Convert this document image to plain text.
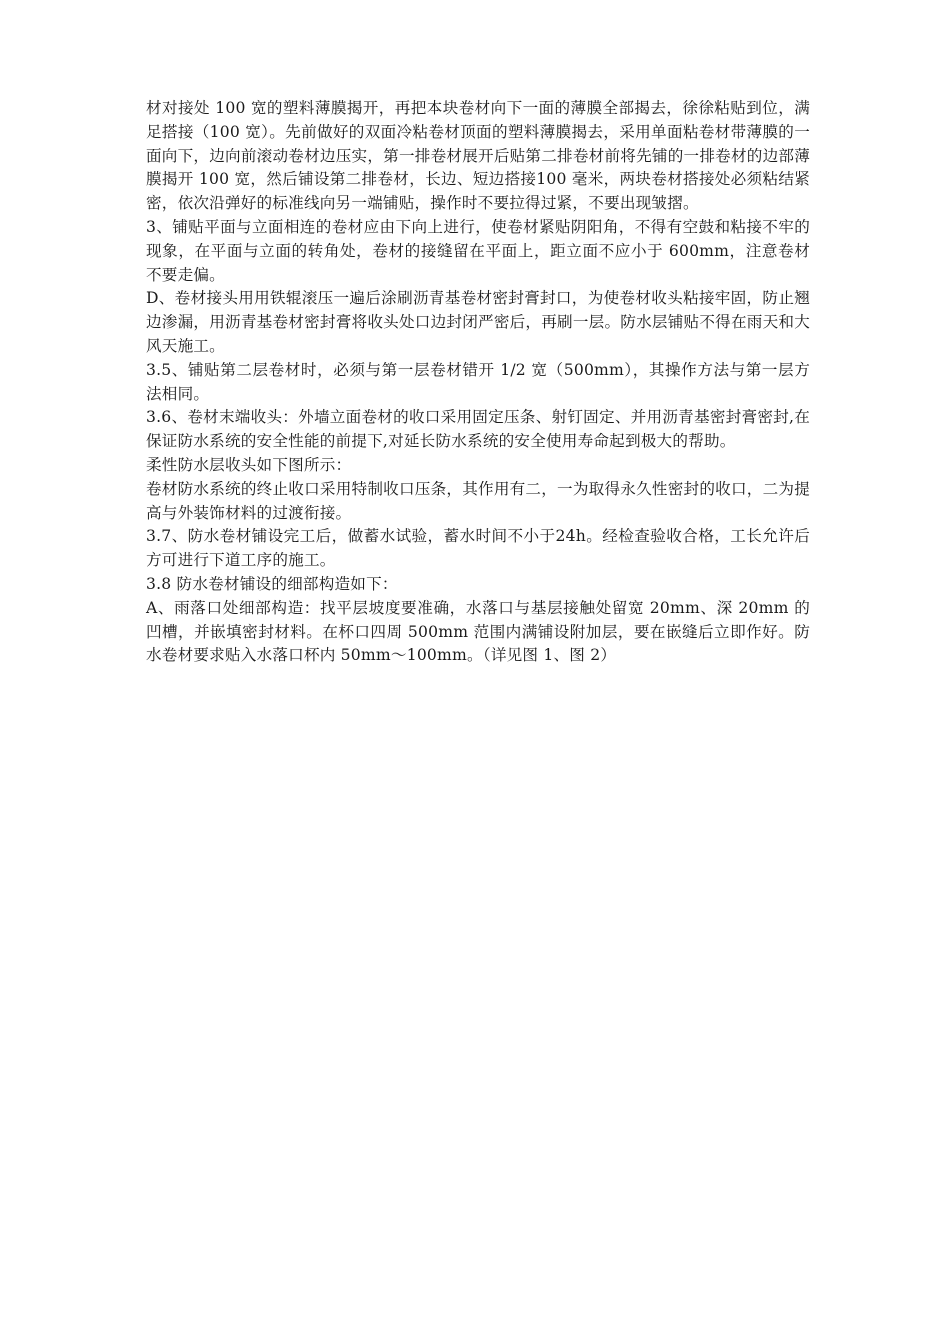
材对接处 100 宽的塑料薄膜揭开，再把本块卷材向下一面的薄膜全部揭去，徐徐粘贴到位，满足搭接（100 宽）。先前做好的双面冷粘卷材顶面的塑料薄膜揭去，采用单面粘卷材带薄膜的一面向下，边向前滚动卷材边压实，第一排卷材展开后贴第二排卷材前将先铺的一排卷材的边部薄膜揭开 100 宽，然后铺设第二排卷材，长边、短边搭接100 毫米，两块卷材搭接处必须粘结紧密，依次沿弹好的标准线向另一端铺贴，操作时不要拉得过紧，不要出现皱摺。

3、铺贴平面与立面相连的卷材应由下向上进行，使卷材紧贴阴阳角，不得有空鼓和粘接不牢的现象，在平面与立面的转角处，卷材的接缝留在平面上，距立面不应小于 600mm，注意卷材不要走偏。

D、卷材接头用用铁辊滚压一遍后涂刷沥青基卷材密封膏封口，为使卷材收头粘接牢固，防止翘边渗漏，用沥青基卷材密封膏将收头处口边封闭严密后，再刷一层。防水层铺贴不得在雨天和大风天施工。

3.5、铺贴第二层卷材时，必须与第一层卷材错开 1/2 宽（500mm），其操作方法与第一层方法相同。

3.6、卷材末端收头：外墙立面卷材的收口采用固定压条、射钉固定、并用沥青基密封膏密封,在保证防水系统的安全性能的前提下,对延长防水系统的安全使用寿命起到极大的帮助。

柔性防水层收头如下图所示：

卷材防水系统的终止收口采用特制收口压条，其作用有二，一为取得永久性密封的收口，二为提高与外装饰材料的过渡衔接。

3.7、防水卷材铺设完工后，做蓄水试验，蓄水时间不小于24h。经检查验收合格，工长允许后方可进行下道工序的施工。

3.8 防水卷材铺设的细部构造如下：

A、雨落口处细部构造：找平层坡度要准确，水落口与基层接触处留宽 20mm、深 20mm 的凹槽，并嵌填密封材料。在杯口四周 500mm 范围内满铺设附加层，要在嵌缝后立即作好。防水卷材要求贴入水落口杯内 50mm～100mm。（详见图 1、图 2）
